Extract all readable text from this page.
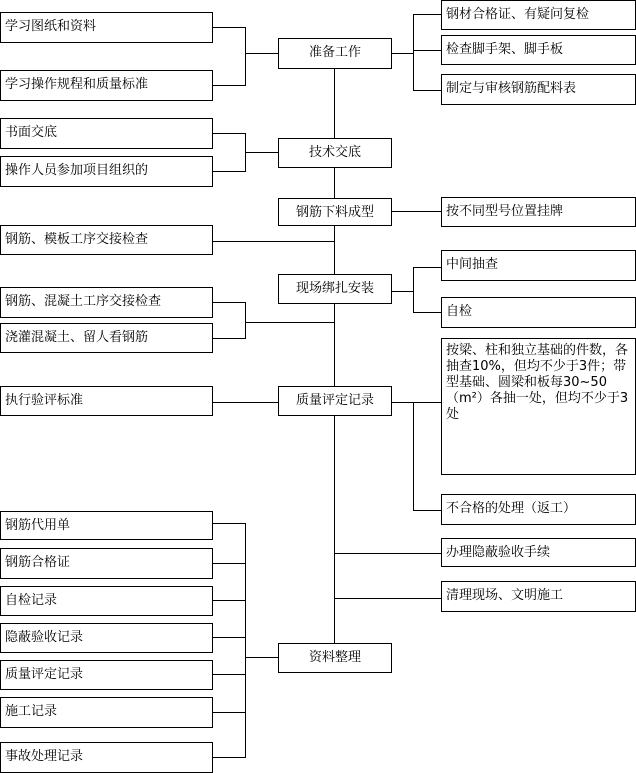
准备工作
技术交底
钢筋下料成型
现场绑扎安装
质量评定记录
资料整理
学习图纸和资料
学习操作规程和质量标准
书面交底
操作人员参加项目组织的
钢筋、模板工序交接检查
钢筋、混凝土工序交接检查
浇灌混凝土、留人看钢筋
执行验评标准
钢筋代用单
钢筋合格证
自检记录
隐蔽验收记录
质量评定记录
施工记录
事故处理记录
钢材合格证、有疑问复检
检查脚手架、脚手板
制定与审核钢筋配料表
按不同型号位置挂牌
中间抽查
自检
按梁、柱和独立基础的件数，各抽查10%，但均不少于3件；带型基础、圆梁和板每30~50（m²）各抽一处，但均不少于3处
不合格的处理（返工）
办理隐蔽验收手续
清理现场、文明施工
